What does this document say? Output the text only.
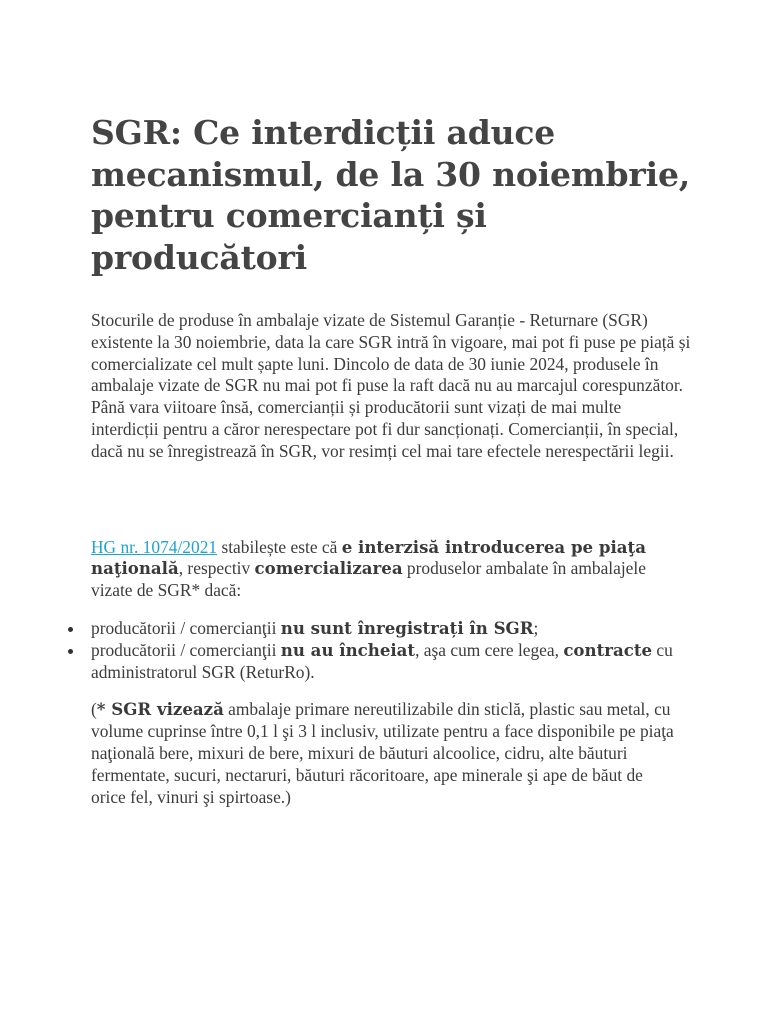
SGR: Ce interdicții aduce mecanismul, de la 30 noiembrie, pentru comercianți și producători

Stocurile de produse în ambalaje vizate de Sistemul Garanție - Returnare (SGR) existente la 30 noiembrie, data la care SGR intră în vigoare, mai pot fi puse pe piață și comercializate cel mult șapte luni. Dincolo de data de 30 iunie 2024, produsele în ambalaje vizate de SGR nu mai pot fi puse la raft dacă nu au marcajul corespunzător. Până vara viitoare însă, comercianții și producătorii sunt vizați de mai multe interdicții pentru a căror nerespectare pot fi dur sancționați. Comercianții, în special, dacă nu se înregistrează în SGR, vor resimți cel mai tare efectele nerespectării legii.

HG nr. 1074/2021 stabilește este că e interzisă introducerea pe piaţa naţională, respectiv comercializarea produselor ambalate în ambalajele vizate de SGR* dacă:

producătorii / comercianţii nu sunt înregistrați în SGR;
producătorii / comercianţii nu au încheiat, aşa cum cere legea, contracte cu administratorul SGR (ReturRo).

(* SGR vizează ambalaje primare nereutilizabile din sticlă, plastic sau metal, cu volume cuprinse între 0,1 l şi 3 l inclusiv, utilizate pentru a face disponibile pe piaţa naţională bere, mixuri de bere, mixuri de băuturi alcoolice, cidru, alte băuturi fermentate, sucuri, nectaruri, băuturi răcoritoare, ape minerale şi ape de băut de orice fel, vinuri şi spirtoase.)
